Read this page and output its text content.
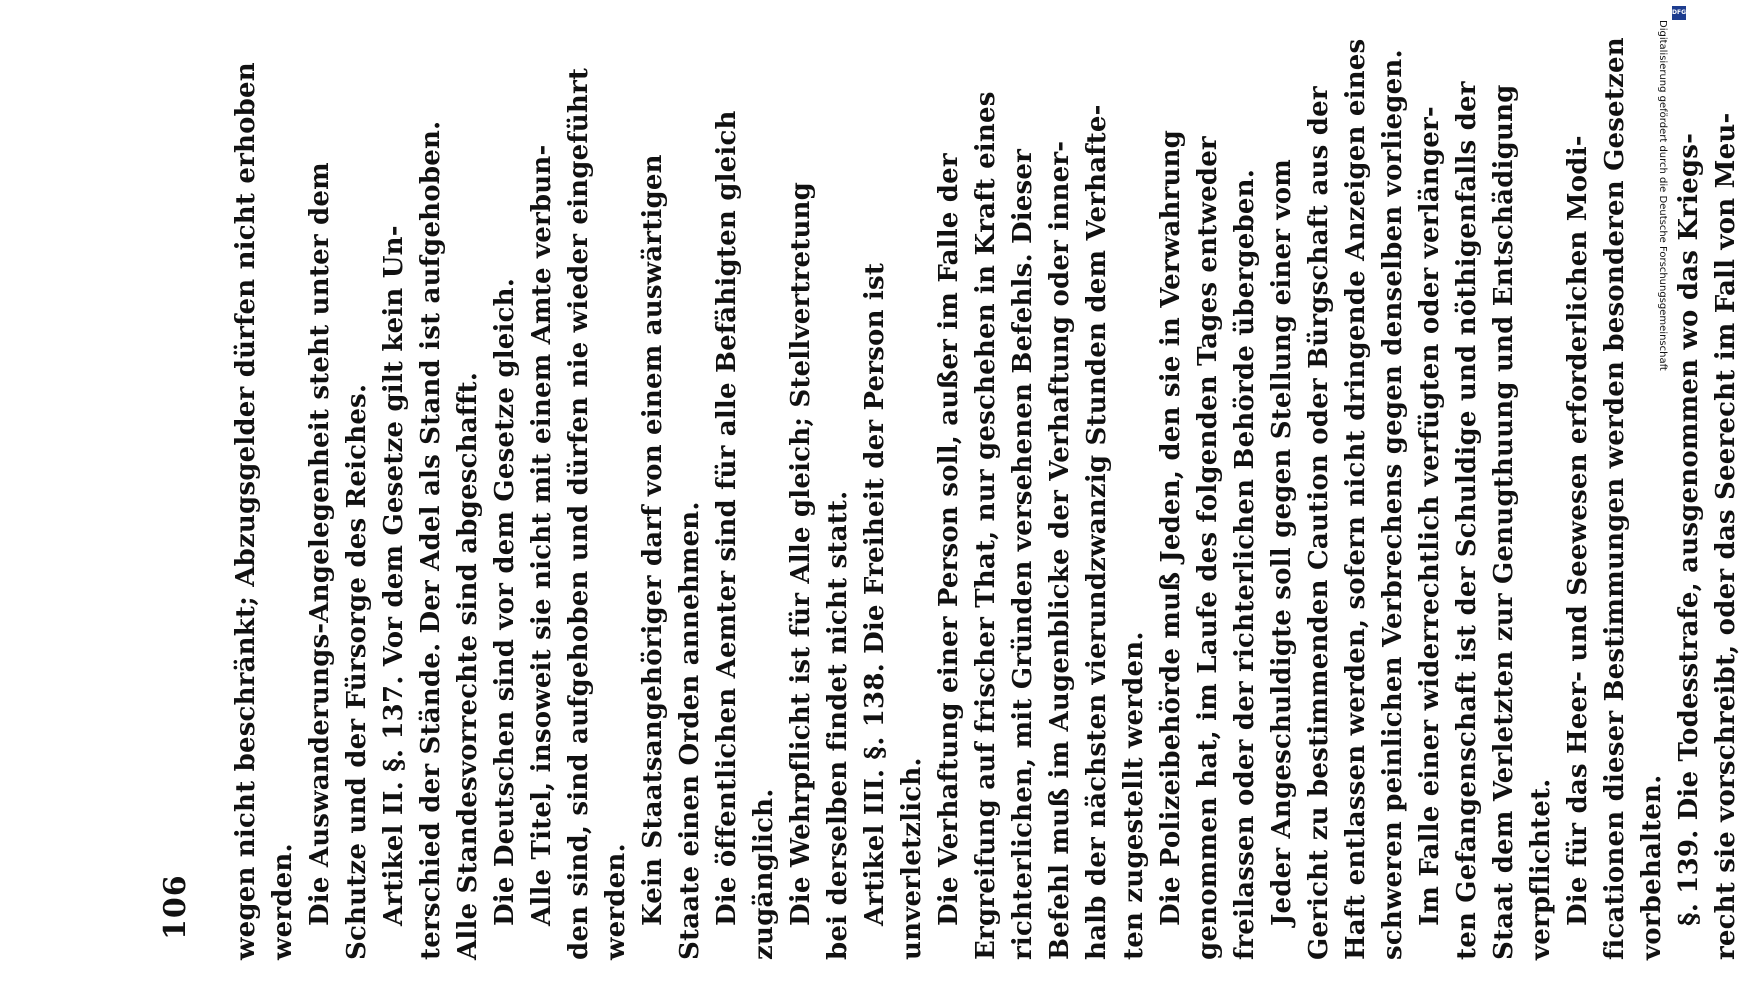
106 wegen nicht beschränkt; Abzugsgelder dürfen nicht erhoben werden. Die Auswanderungs-Angelegenheit steht unter dem Schutze und der Fürsorge des Reiches. Artikel II. §. 137. Vor dem Gesetze gilt kein Un- terschied der Stände. Der Adel als Stand ist aufgehoben. Alle Standesvorrechte sind abgeschafft. Die Deutschen sind vor dem Gesetze gleich. Alle Titel, insoweit sie nicht mit einem Amte verbun- den sind, sind aufgehoben und dürfen nie wieder eingeführt werden. Kein Staatsangehöriger darf von einem auswärtigen Staate einen Orden annehmen. Die öffentlichen Aemter sind für alle Befähigten gleich zugänglich. Die Wehrpflicht ist für Alle gleich; Stellvertretung bei derselben findet nicht statt. Artikel III. §. 138. Die Freiheit der Person ist unverletzlich. Die Verhaftung einer Person soll, außer im Falle der Ergreifung auf frischer That, nur geschehen in Kraft eines richterlichen, mit Gründen versehenen Befehls. Dieser Befehl muß im Augenblicke der Verhaftung oder inner- halb der nächsten vierundzwanzig Stunden dem Verhafte- ten zugestellt werden. Die Polizeibehörde muß Jeden, den sie in Verwahrung genommen hat, im Laufe des folgenden Tages entweder freilassen oder der richterlichen Behörde übergeben. Jeder Angeschuldigte soll gegen Stellung einer vom Gericht zu bestimmenden Caution oder Bürgschaft aus der Haft entlassen werden, sofern nicht dringende Anzeigen eines schweren peinlichen Verbrechens gegen denselben vorliegen. Im Falle einer widerrechtlich verfügten oder verlänger- ten Gefangenschaft ist der Schuldige und nöthigenfalls der Staat dem Verletzten zur Genugthuung und Entschädigung verpflichtet. Die für das Heer- und Seewesen erforderlichen Modi- ficationen dieser Bestimmungen werden besonderen Gesetzen vorbehalten. §. 139. Die Todesstrafe, ausgenommen wo das Kriegs- recht sie vorschreibt, oder das Seerecht im Fall von Meu-
DFG
Digitalisierung gefördert durch die Deutsche Forschungsgemeinschaft
